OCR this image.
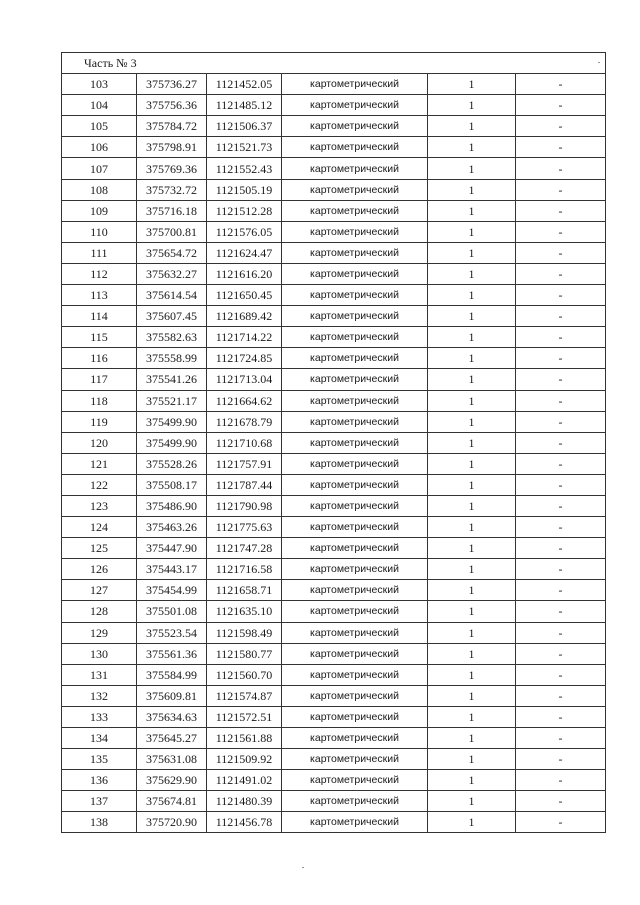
Часть № 3					
103	375736.27	1121452.05	картометрический	1	-
104	375756.36	1121485.12	картометрический	1	-
105	375784.72	1121506.37	картометрический	1	-
106	375798.91	1121521.73	картометрический	1	-
107	375769.36	1121552.43	картометрический	1	-
108	375732.72	1121505.19	картометрический	1	-
109	375716.18	1121512.28	картометрический	1	-
110	375700.81	1121576.05	картометрический	1	-
111	375654.72	1121624.47	картометрический	1	-
112	375632.27	1121616.20	картометрический	1	-
113	375614.54	1121650.45	картометрический	1	-
114	375607.45	1121689.42	картометрический	1	-
115	375582.63	1121714.22	картометрический	1	-
116	375558.99	1121724.85	картометрический	1	-
117	375541.26	1121713.04	картометрический	1	-
118	375521.17	1121664.62	картометрический	1	-
119	375499.90	1121678.79	картометрический	1	-
120	375499.90	1121710.68	картометрический	1	-
121	375528.26	1121757.91	картометрический	1	-
122	375508.17	1121787.44	картометрический	1	-
123	375486.90	1121790.98	картометрический	1	-
124	375463.26	1121775.63	картометрический	1	-
125	375447.90	1121747.28	картометрический	1	-
126	375443.17	1121716.58	картометрический	1	-
127	375454.99	1121658.71	картометрический	1	-
128	375501.08	1121635.10	картометрический	1	-
129	375523.54	1121598.49	картометрический	1	-
130	375561.36	1121580.77	картометрический	1	-
131	375584.99	1121560.70	картометрический	1	-
132	375609.81	1121574.87	картометрический	1	-
133	375634.63	1121572.51	картометрический	1	-
134	375645.27	1121561.88	картометрический	1	-
135	375631.08	1121509.92	картометрический	1	-
136	375629.90	1121491.02	картометрический	1	-
137	375674.81	1121480.39	картометрический	1	-
138	375720.90	1121456.78	картометрический	1	-
